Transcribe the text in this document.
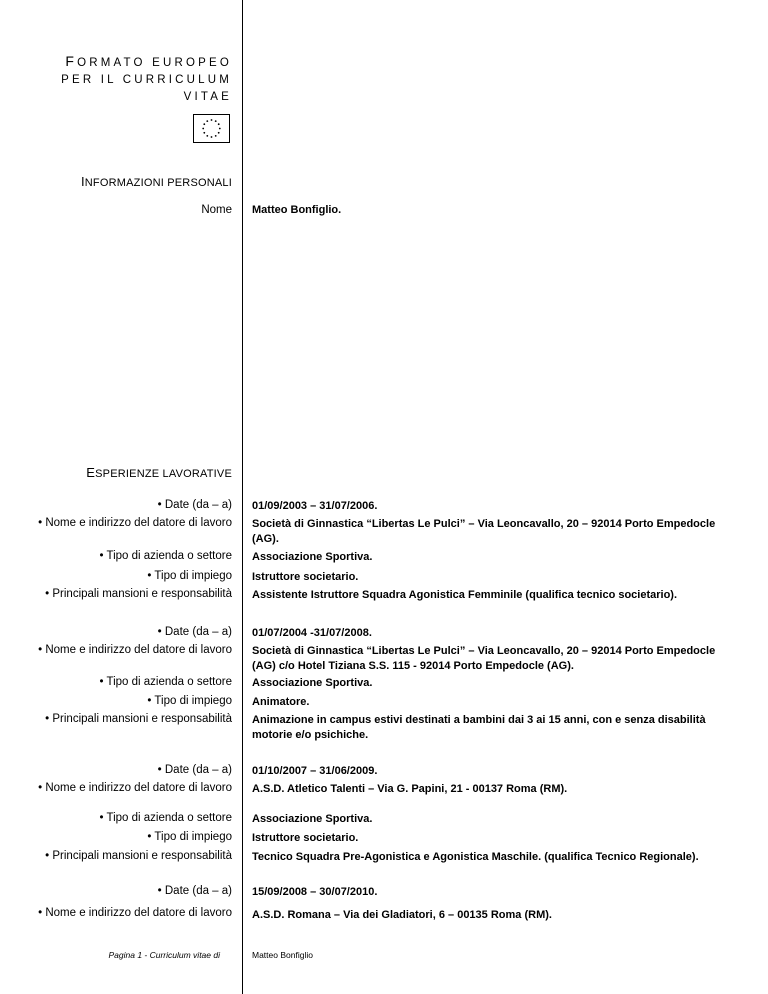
FORMATO EUROPEO
PER IL CURRICULUM
VITAE
INFORMAZIONI PERSONALI
Nome Matteo Bonfiglio.
ESPERIENZE LAVORATIVE
• Date (da – a) 01/09/2003 – 31/07/2006.
• Nome e indirizzo del datore di lavoro Società di Ginnastica “Libertas Le Pulci” – Via Leoncavallo, 20 – 92014 Porto Empedocle (AG).
• Tipo di azienda o settore Associazione Sportiva.
• Tipo di impiego Istruttore societario.
• Principali mansioni e responsabilità Assistente Istruttore Squadra Agonistica Femminile (qualifica tecnico societario).
• Date (da – a) 01/07/2004 -31/07/2008.
• Nome e indirizzo del datore di lavoro Società di Ginnastica “Libertas Le Pulci” – Via Leoncavallo, 20 – 92014 Porto Empedocle (AG) c/o Hotel Tiziana S.S. 115 - 92014 Porto Empedocle (AG).
• Tipo di azienda o settore Associazione Sportiva.
• Tipo di impiego Animatore.
• Principali mansioni e responsabilità Animazione in campus estivi destinati a bambini dai 3 ai 15 anni, con e senza disabilità motorie e/o psichiche.
• Date (da – a) 01/10/2007 – 31/06/2009.
• Nome e indirizzo del datore di lavoro A.S.D. Atletico Talenti – Via G. Papini, 21 - 00137 Roma (RM).
• Tipo di azienda o settore Associazione Sportiva.
• Tipo di impiego Istruttore societario.
• Principali mansioni e responsabilità Tecnico Squadra Pre-Agonistica e Agonistica Maschile. (qualifica Tecnico Regionale).
• Date (da – a) 15/09/2008 – 30/07/2010.
• Nome e indirizzo del datore di lavoro A.S.D. Romana – Via dei Gladiatori, 6 – 00135 Roma (RM).
Pagina 1 - Curriculum vitae di	Matteo Bonfiglio
